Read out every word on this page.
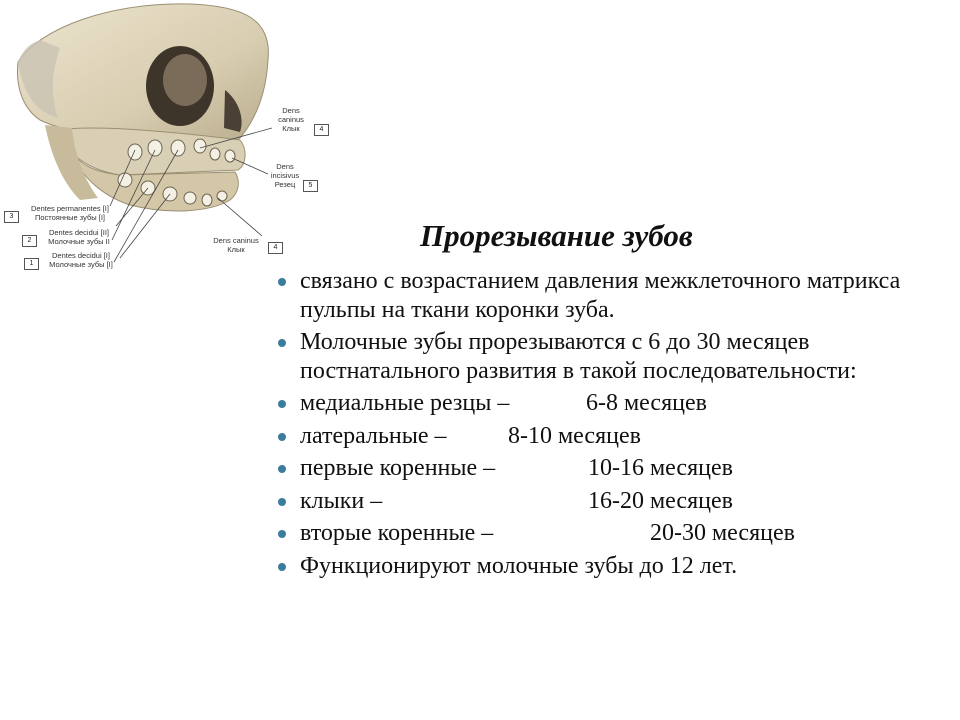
Dens
caninus
Клык	4
Dens
incisivus
Резец	5
Dens caninus
Клык	4
3
Dentes permanentes [I]
Постоянные зубы [I]
2
Dentes decidui [II]
Молочные зубы II
1
Dentes decidui [I]
Молочные зубы [I]
Прорезывание зубов
связано с возрастанием давления межклеточного матрикса пульпы на ткани коронки зуба.
Молочные зубы прорезываются с 6 до 30 месяцев постнатального развития в такой последовательности:
медиальные резцы –	6-8 месяцев
латеральные –	8-10 месяцев
первые коренные –	10-16 месяцев
клыки –	16-20 месяцев
вторые коренные –	20-30 месяцев
Функционируют молочные зубы до 12 лет.
